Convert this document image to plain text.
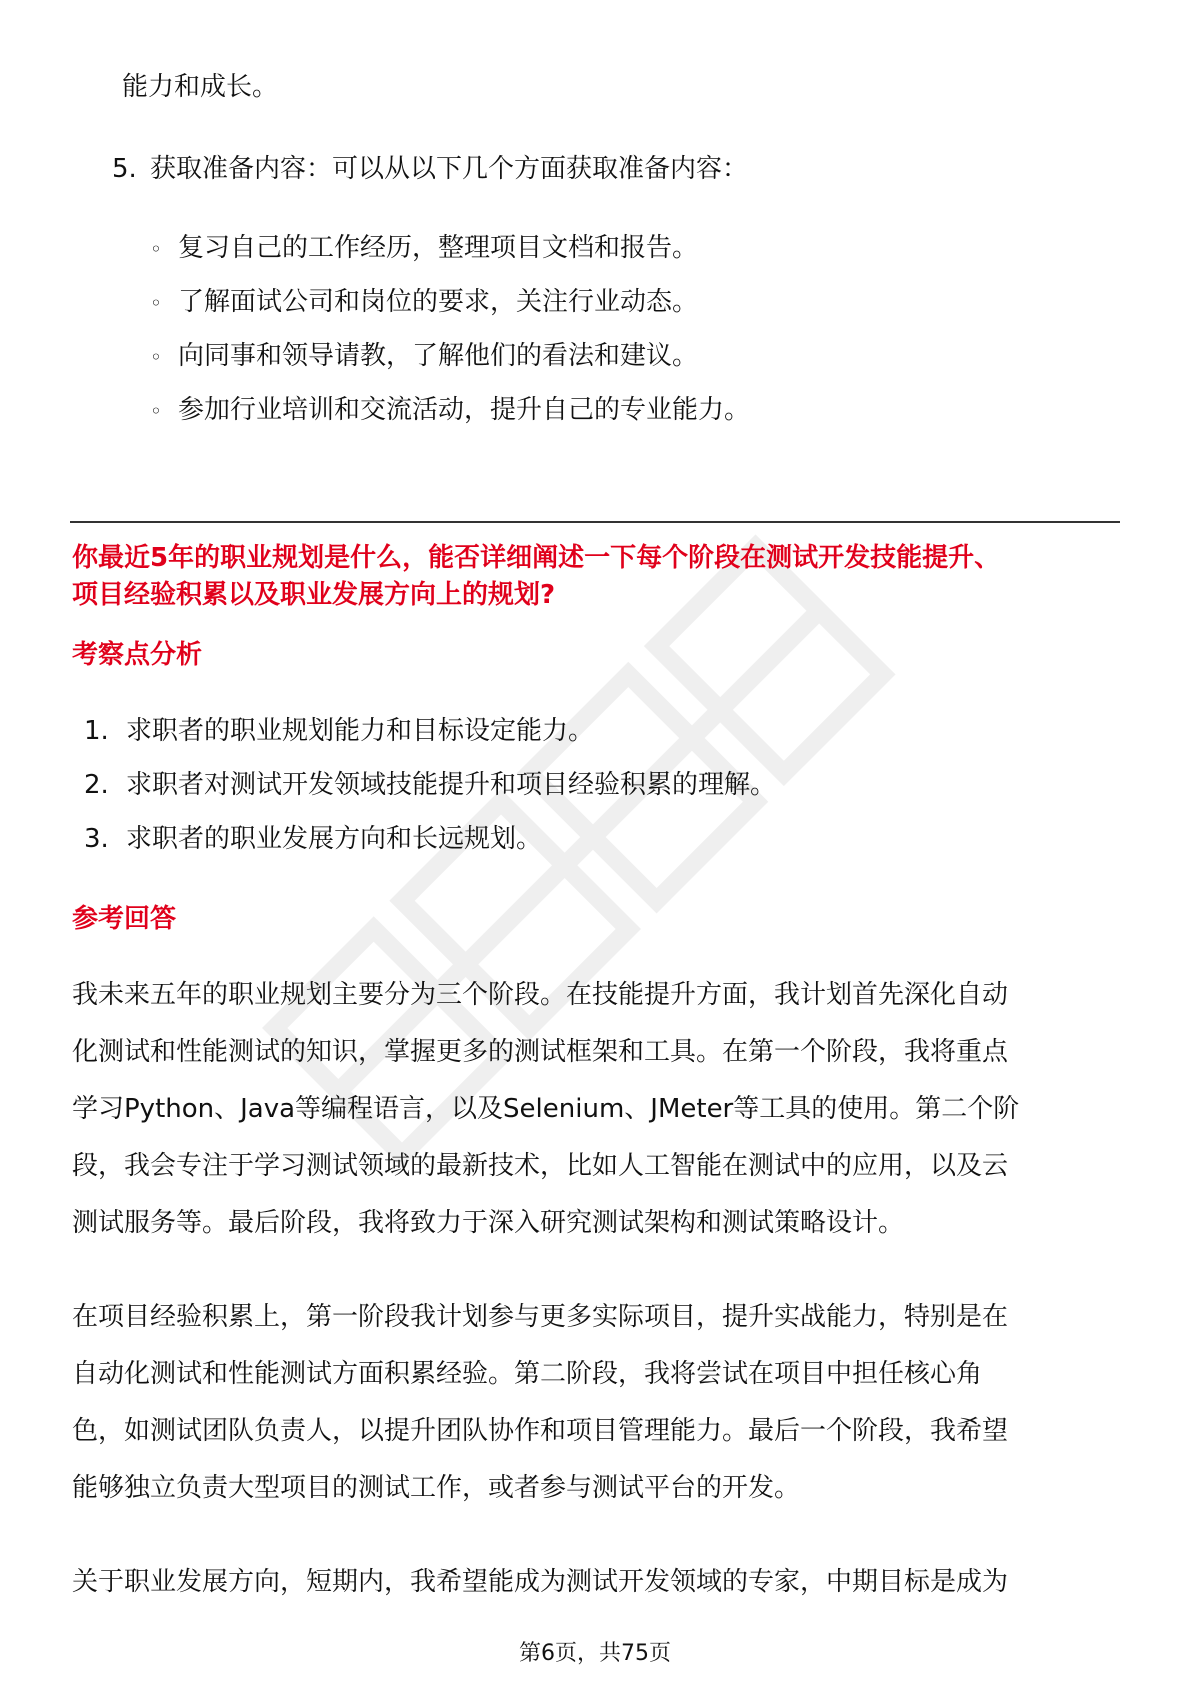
能力和成长。
5. 获取准备内容：可以从以下几个方面获取准备内容：
◦ 复习自己的工作经历，整理项目文档和报告。
◦ 了解面试公司和岗位的要求，关注行业动态。
◦ 向同事和领导请教，了解他们的看法和建议。
◦ 参加行业培训和交流活动，提升自己的专业能力。
你最近5年的职业规划是什么，能否详细阐述一下每个阶段在测试开发技能提升、
项目经验积累以及职业发展方向上的规划?
考察点分析
1. 求职者的职业规划能力和目标设定能力。
2. 求职者对测试开发领域技能提升和项目经验积累的理解。
3. 求职者的职业发展方向和长远规划。
参考回答
我未来五年的职业规划主要分为三个阶段。在技能提升方面，我计划首先深化自动
化测试和性能测试的知识，掌握更多的测试框架和工具。在第一个阶段，我将重点
学习Python、Java等编程语言，以及Selenium、JMeter等工具的使用。第二个阶
段，我会专注于学习测试领域的最新技术，比如人工智能在测试中的应用，以及云
测试服务等。最后阶段，我将致力于深入研究测试架构和测试策略设计。
在项目经验积累上，第一阶段我计划参与更多实际项目，提升实战能力，特别是在
自动化测试和性能测试方面积累经验。第二阶段，我将尝试在项目中担任核心角
色，如测试团队负责人，以提升团队协作和项目管理能力。最后一个阶段，我希望
能够独立负责大型项目的测试工作，或者参与测试平台的开发。
关于职业发展方向，短期内，我希望能成为测试开发领域的专家，中期目标是成为
第6页，共75页
